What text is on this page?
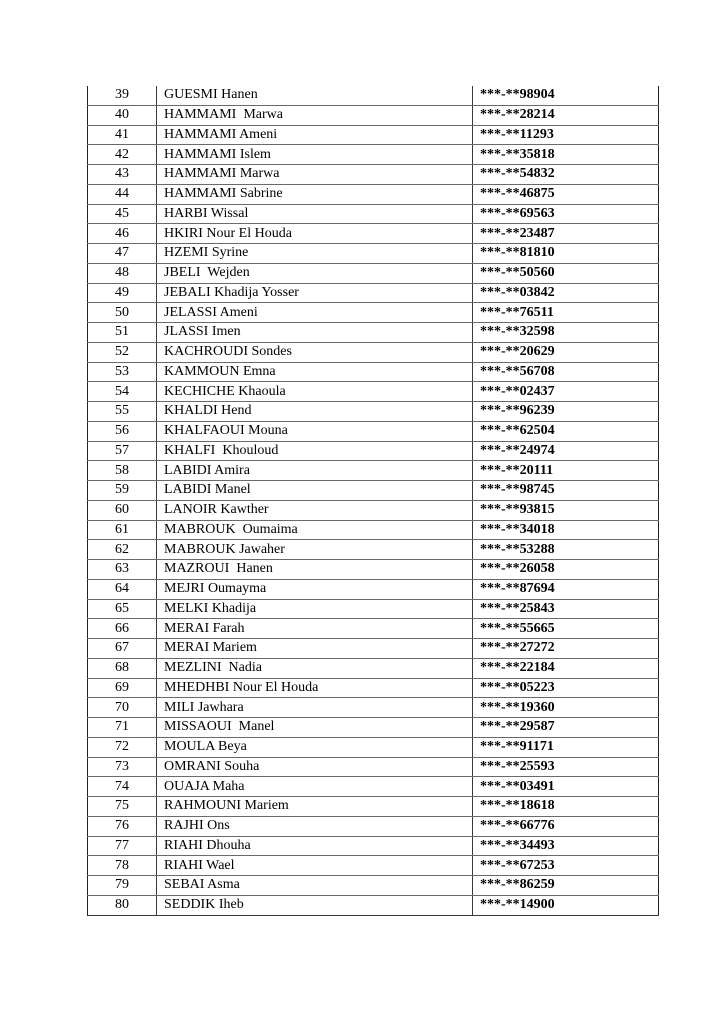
39	GUESMI Hanen	***-**98904
40	HAMMAMI  Marwa	***-**28214
41	HAMMAMI Ameni	***-**11293
42	HAMMAMI Islem	***-**35818
43	HAMMAMI Marwa	***-**54832
44	HAMMAMI Sabrine	***-**46875
45	HARBI Wissal	***-**69563
46	HKIRI Nour El Houda	***-**23487
47	HZEMI Syrine	***-**81810
48	JBELI  Wejden	***-**50560
49	JEBALI Khadija Yosser	***-**03842
50	JELASSI Ameni	***-**76511
51	JLASSI Imen	***-**32598
52	KACHROUDI Sondes	***-**20629
53	KAMMOUN Emna	***-**56708
54	KECHICHE Khaoula	***-**02437
55	KHALDI Hend	***-**96239
56	KHALFAOUI Mouna	***-**62504
57	KHALFI  Khouloud	***-**24974
58	LABIDI Amira	***-**20111
59	LABIDI Manel	***-**98745
60	LANOIR Kawther	***-**93815
61	MABROUK  Oumaima	***-**34018
62	MABROUK Jawaher	***-**53288
63	MAZROUI  Hanen	***-**26058
64	MEJRI Oumayma	***-**87694
65	MELKI Khadija	***-**25843
66	MERAI Farah	***-**55665
67	MERAI Mariem	***-**27272
68	MEZLINI  Nadia	***-**22184
69	MHEDHBI Nour El Houda	***-**05223
70	MILI Jawhara	***-**19360
71	MISSAOUI  Manel	***-**29587
72	MOULA Beya	***-**91171
73	OMRANI Souha	***-**25593
74	OUAJA Maha	***-**03491
75	RAHMOUNI Mariem	***-**18618
76	RAJHI Ons	***-**66776
77	RIAHI Dhouha	***-**34493
78	RIAHI Wael	***-**67253
79	SEBAI Asma	***-**86259
80	SEDDIK Iheb	***-**14900
